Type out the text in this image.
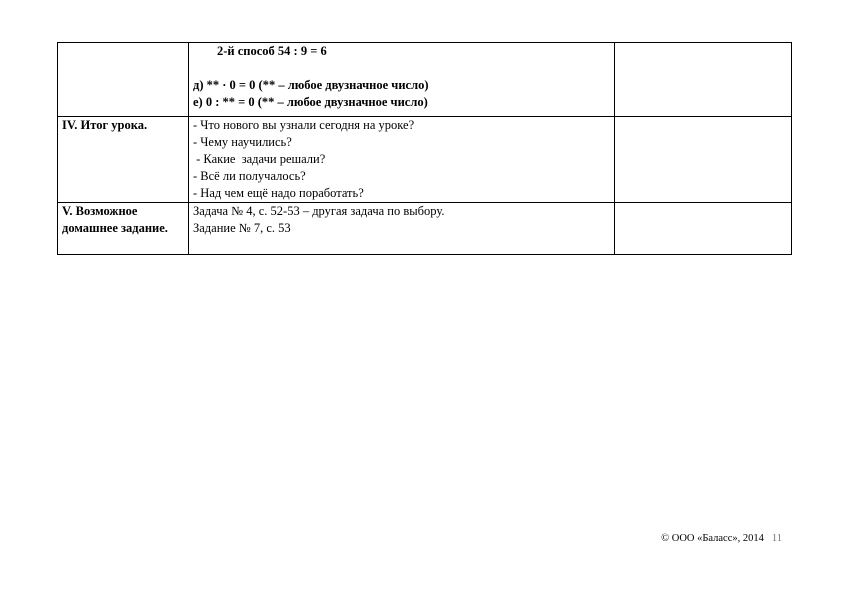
	2-й способ 54 : 9 = 6
д) ** · 0 = 0 (** – любое двузначное число)
е) 0 : ** = 0 (** – любое двузначное число)	

IV. Итог урока.	- Что нового вы узнали сегодня на уроке?
- Чему научились?
- Какие  задачи решали?
- Всё ли получалось?
- Над чем ещё надо поработать?	

V. Возможное
домашнее задание.	Задача № 4, с. 52-53 – другая задача по выбору.
Задание № 7, с. 53	

© ООО «Баласс», 2014 11
